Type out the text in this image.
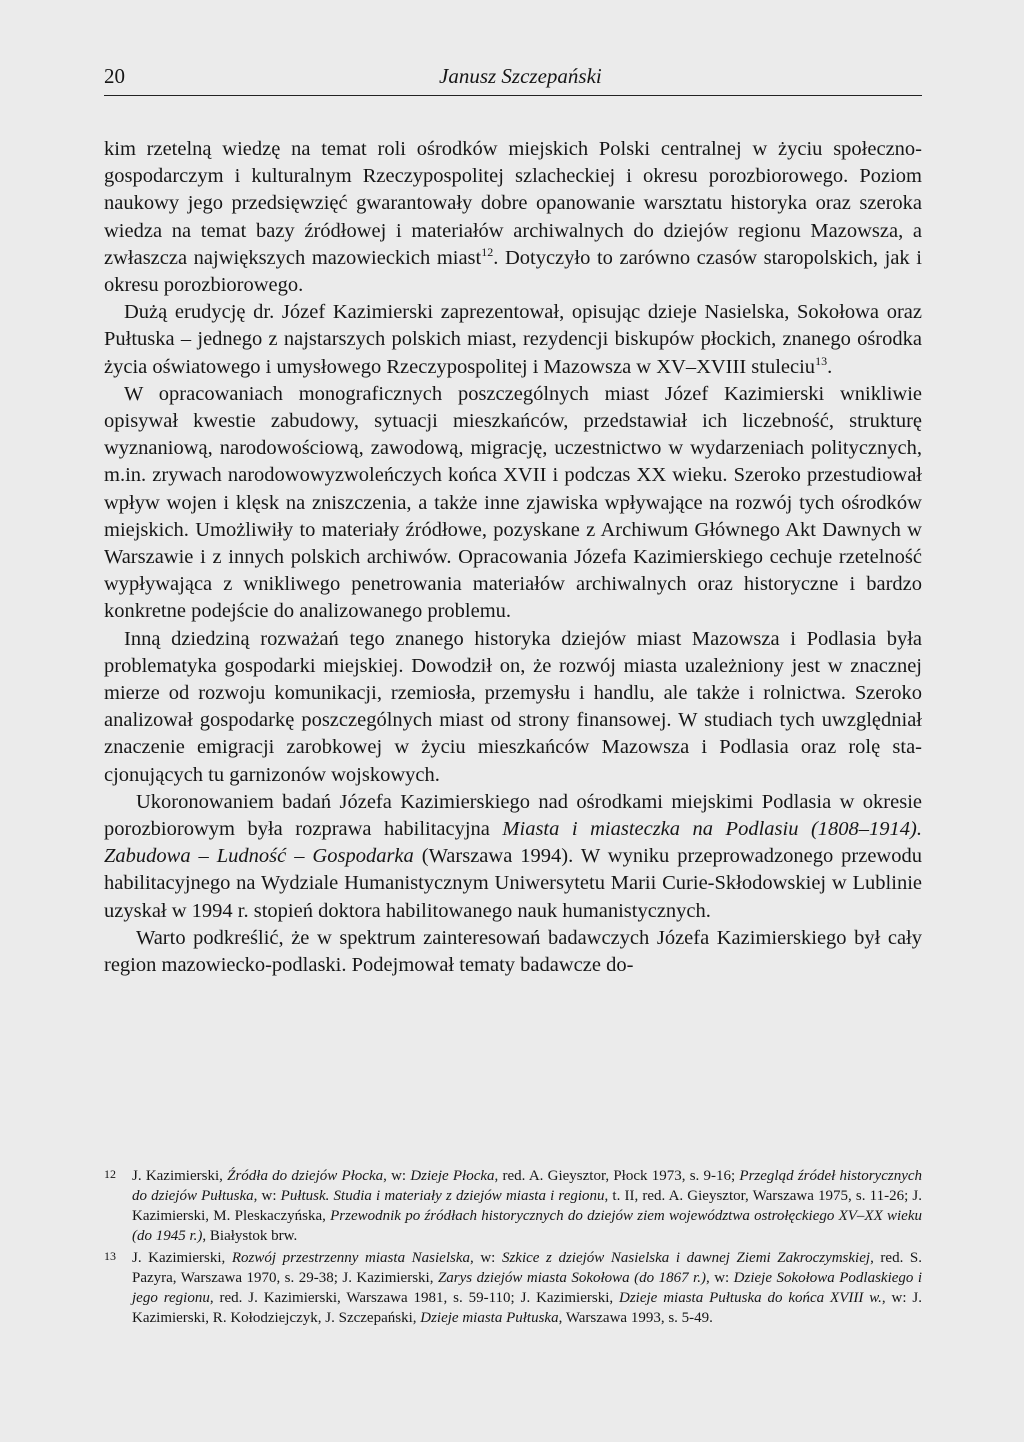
20	Janusz Szczepański

kim rzetelną wiedzę na temat roli ośrodków miejskich Polski centralnej w życiu społeczno-gospodarczym i kulturalnym Rzeczypospolitej szlacheckiej i okresu porozbiorowego. Poziom naukowy jego przedsięwzięć gwarantowały dobre opanowanie warsztatu historyka oraz szeroka wiedza na temat bazy źródłowej i materiałów archiwalnych do dziejów regionu Mazowsza, a zwłaszcza największych mazowieckich miast$^{12}$. Dotyczyło to zarówno czasów staropolskich, jak i okresu porozbiorowego.

Dużą erudycję dr. Józef Kazimierski zaprezentował, opisując dzieje Nasielska, Sokołowa oraz Pułtuska – jednego z najstarszych polskich miast, rezydencji biskupów płockich, znanego ośrodka życia oświatowego i umysłowego Rzeczypospolitej i Mazowsza w XV–XVIII stuleciu$^{13}$.

W opracowaniach monograficznych poszczególnych miast Józef Kazimierski wnikliwie opisywał kwestie zabudowy, sytuacji mieszkańców, przedstawiał ich liczebność, strukturę wyznaniową, narodowościową, zawodową, migrację, uczestnictwo w wydarzeniach politycznych, m.in. zrywach narodowowyzwoleńczych końca XVII i podczas XX wieku. Szeroko przestudiował wpływ wojen i klęsk na zniszczenia, a także inne zjawiska wpływające na rozwój tych ośrodków miejskich. Umożliwiły to materiały źródłowe, pozyskane z Archiwum Głównego Akt Dawnych w Warszawie i z innych polskich archiwów. Opracowania Józefa Kazimierskiego cechuje rzetelność wypływająca z wnikliwego penetrowania materiałów archiwalnych oraz historyczne i bardzo konkretne podejście do analizowanego problemu.

Inną dziedziną rozważań tego znanego historyka dziejów miast Mazowsza i Podlasia była problematyka gospodarki miejskiej. Dowodził on, że rozwój miasta uzależniony jest w znacznej mierze od rozwoju komunikacji, rzemiosła, przemysłu i handlu, ale także i rolnictwa. Szeroko analizował gospodarkę poszczególnych miast od strony finansowej. W studiach tych uwzględniał znaczenie emigracji zarobkowej w życiu mieszkańców Mazowsza i Podlasia oraz rolę stacjonujących tu garnizonów wojskowych.

Ukoronowaniem badań Józefa Kazimierskiego nad ośrodkami miejskimi Podlasia w okresie porozbiorowym była rozprawa habilitacyjna Miasta i miasteczka na Podlasiu (1808–1914). Zabudowa – Ludność – Gospodarka (Warszawa 1994). W wyniku przeprowadzonego przewodu habilitacyjnego na Wydziale Humanistycznym Uniwersytetu Marii Curie-Skłodowskiej w Lublinie uzyskał w 1994 r. stopień doktora habilitowanego nauk humanistycznych.

Warto podkreślić, że w spektrum zainteresowań badawczych Józefa Kazimierskiego był cały region mazowiecko-podlaski. Podejmował tematy badawcze do-

12 J. Kazimierski, Źródła do dziejów Płocka, w: Dzieje Płocka, red. A. Gieysztor, Płock 1973, s. 9-16; Przegląd źródeł historycznych do dziejów Pułtuska, w: Pułtusk. Studia i materiały z dziejów miasta i regionu, t. II, red. A. Gieysztor, Warszawa 1975, s. 11-26; J. Kazimierski, M. Pleskaczyńska, Przewodnik po źródłach historycznych do dziejów ziem województwa ostrołęckiego XV–XX wieku (do 1945 r.), Białystok brw.
13 J. Kazimierski, Rozwój przestrzenny miasta Nasielska, w: Szkice z dziejów Nasielska i dawnej Ziemi Zakroczymskiej, red. S. Pazyra, Warszawa 1970, s. 29-38; J. Kazimierski, Zarys dziejów miasta Sokołowa (do 1867 r.), w: Dzieje Sokołowa Podlaskiego i jego regionu, red. J. Kazimierski, Warszawa 1981, s. 59-110; J. Kazimierski, Dzieje miasta Pułtuska do końca XVIII w., w: J. Kazimierski, R. Kołodziejczyk, J. Szczepański, Dzieje miasta Pułtuska, Warszawa 1993, s. 5-49.
